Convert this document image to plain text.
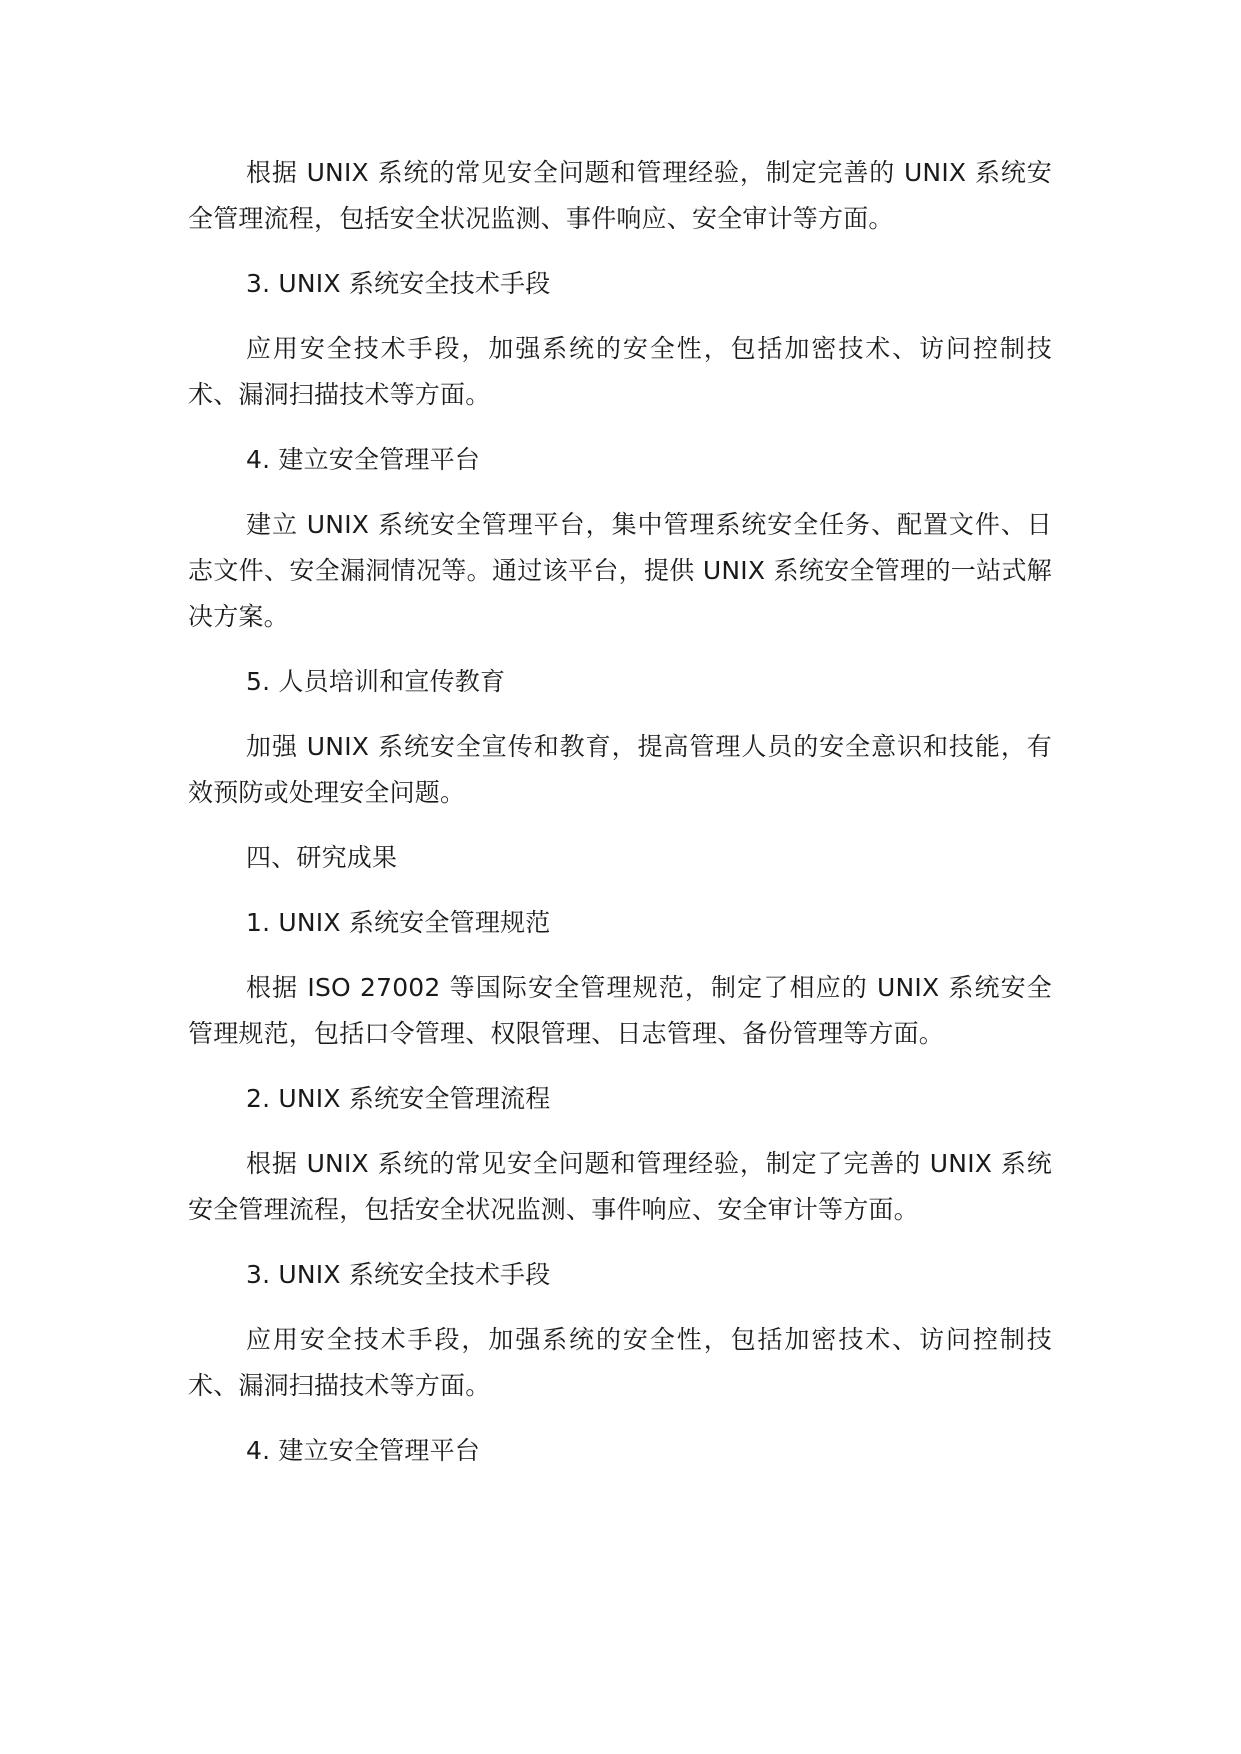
根据 UNIX 系统的常见安全问题和管理经验，制定完善的 UNIX 系统安全管理流程，包括安全状况监测、事件响应、安全审计等方面。

3. UNIX 系统安全技术手段

应用安全技术手段，加强系统的安全性，包括加密技术、访问控制技术、漏洞扫描技术等方面。

4. 建立安全管理平台

建立 UNIX 系统安全管理平台，集中管理系统安全任务、配置文件、日志文件、安全漏洞情况等。通过该平台，提供 UNIX 系统安全管理的一站式解决方案。

5. 人员培训和宣传教育

加强 UNIX 系统安全宣传和教育，提高管理人员的安全意识和技能，有效预防或处理安全问题。

四、研究成果

1. UNIX 系统安全管理规范

根据 ISO 27002 等国际安全管理规范，制定了相应的 UNIX 系统安全管理规范，包括口令管理、权限管理、日志管理、备份管理等方面。

2. UNIX 系统安全管理流程

根据 UNIX 系统的常见安全问题和管理经验，制定了完善的 UNIX 系统安全管理流程，包括安全状况监测、事件响应、安全审计等方面。

3. UNIX 系统安全技术手段

应用安全技术手段，加强系统的安全性，包括加密技术、访问控制技术、漏洞扫描技术等方面。

4. 建立安全管理平台
